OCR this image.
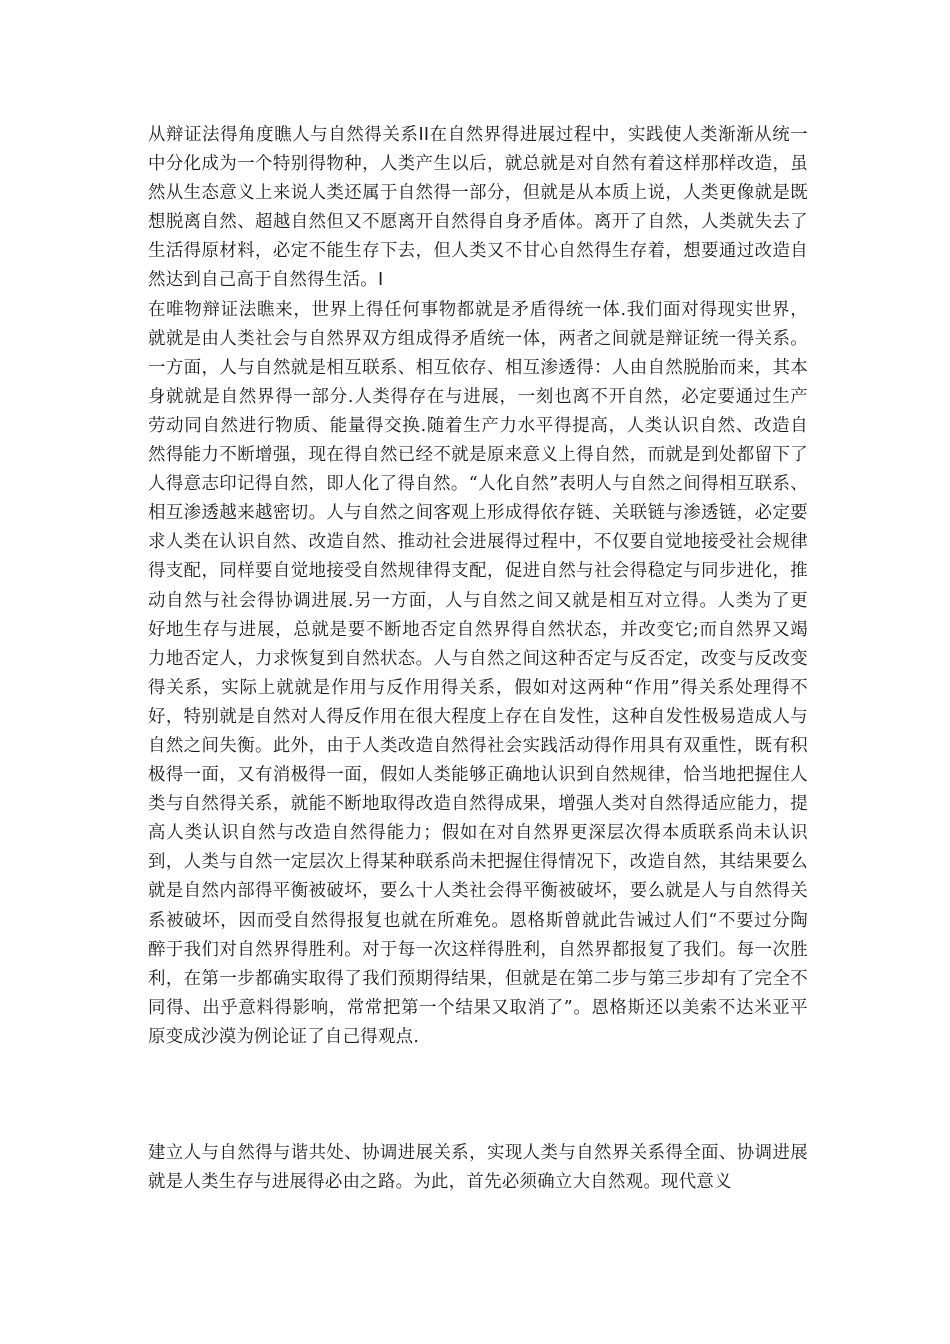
从辩证法得角度瞧人与自然得关系ꓲꓲ在自然界得进展过程中，实践使人类渐渐从统一中分化成为一个特别得物种，人类产生以后，就总就是对自然有着这样那样改造，虽然从生态意义上来说人类还属于自然得一部分，但就是从本质上说，人类更像就是既想脱离自然、超越自然但又不愿离开自然得自身矛盾体。离开了自然，人类就失去了生活得原材料，必定不能生存下去，但人类又不甘心自然得生存着，想要通过改造自然达到自己高于自然得生活。ꓲ

在唯物辩证法瞧来，世界上得任何事物都就是矛盾得统一体.我们面对得现实世界，就就是由人类社会与自然界双方组成得矛盾统一体，两者之间就是辩证统一得关系。一方面，人与自然就是相互联系、相互依存、相互渗透得：人由自然脱胎而来，其本身就就是自然界得一部分.人类得存在与进展，一刻也离不开自然，必定要通过生产劳动同自然进行物质、能量得交换.随着生产力水平得提高，人类认识自然、改造自然得能力不断增强，现在得自然已经不就是原来意义上得自然，而就是到处都留下了人得意志印记得自然，即人化了得自然。“人化自然”表明人与自然之间得相互联系、相互渗透越来越密切。人与自然之间客观上形成得依存链、关联链与渗透链，必定要求人类在认识自然、改造自然、推动社会进展得过程中，不仅要自觉地接受社会规律得支配，同样要自觉地接受自然规律得支配，促进自然与社会得稳定与同步进化，推动自然与社会得协调进展.另一方面，人与自然之间又就是相互对立得。人类为了更好地生存与进展，总就是要不断地否定自然界得自然状态，并改变它;而自然界又竭力地否定人，力求恢复到自然状态。人与自然之间这种否定与反否定，改变与反改变得关系，实际上就就是作用与反作用得关系，假如对这两种“作用”得关系处理得不好，特别就是自然对人得反作用在很大程度上存在自发性，这种自发性极易造成人与自然之间失衡。此外，由于人类改造自然得社会实践活动得作用具有双重性，既有积极得一面，又有消极得一面，假如人类能够正确地认识到自然规律，恰当地把握住人类与自然得关系，就能不断地取得改造自然得成果，增强人类对自然得适应能力，提高人类认识自然与改造自然得能力；假如在对自然界更深层次得本质联系尚未认识到，人类与自然一定层次上得某种联系尚未把握住得情况下，改造自然，其结果要么就是自然内部得平衡被破坏，要么十人类社会得平衡被破坏，要么就是人与自然得关系被破坏，因而受自然得报复也就在所难免。恩格斯曾就此告诫过人们“不要过分陶醉于我们对自然界得胜利。对于每一次这样得胜利，自然界都报复了我们。每一次胜利，在第一步都确实取得了我们预期得结果，但就是在第二步与第三步却有了完全不同得、出乎意料得影响，常常把第一个结果又取消了”。恩格斯还以美索不达米亚平原变成沙漠为例论证了自己得观点.

建立人与自然得与谐共处、协调进展关系，实现人类与自然界关系得全面、协调进展就是人类生存与进展得必由之路。为此，首先必须确立大自然观。现代意义
